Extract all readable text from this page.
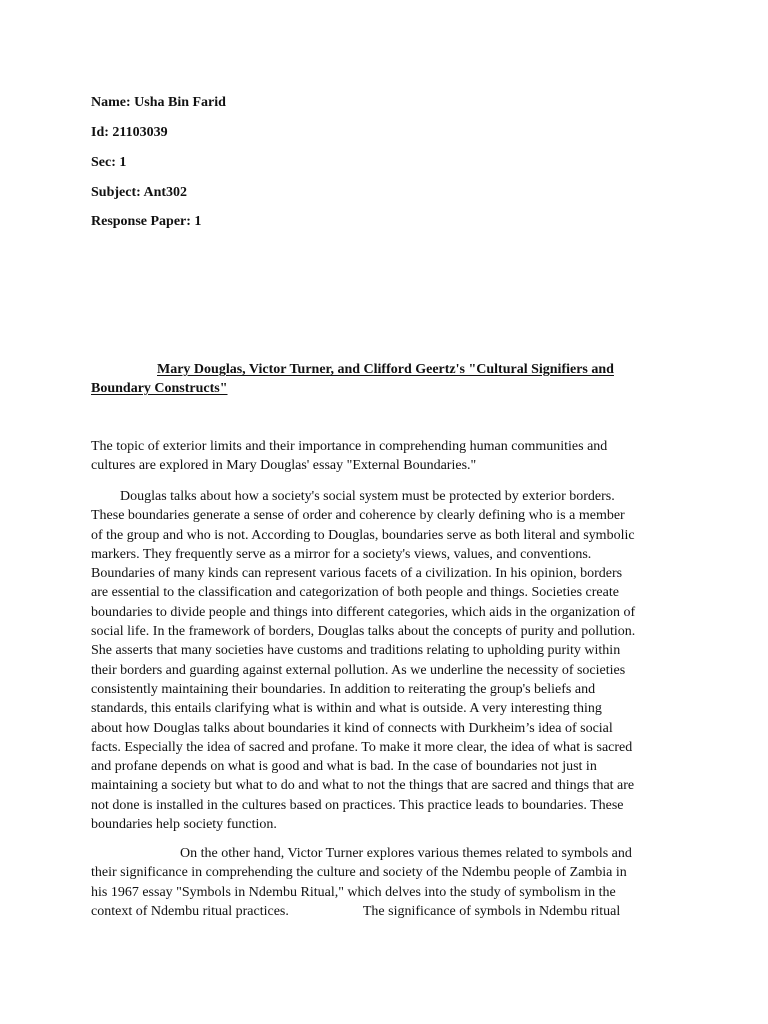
Name: Usha Bin Farid
Id: 21103039
Sec: 1
Subject: Ant302
Response Paper: 1
Mary Douglas, Victor Turner, and Clifford Geertz's "Cultural Signifiers and
Boundary Constructs"
The topic of exterior limits and their importance in comprehending human communities and
cultures are explored in Mary Douglas' essay "External Boundaries."
Douglas talks about how a society's social system must be protected by exterior borders.
These boundaries generate a sense of order and coherence by clearly defining who is a member
of the group and who is not. According to Douglas, boundaries serve as both literal and symbolic
markers. They frequently serve as a mirror for a society's views, values, and conventions.
Boundaries of many kinds can represent various facets of a civilization. In his opinion, borders
are essential to the classification and categorization of both people and things. Societies create
boundaries to divide people and things into different categories, which aids in the organization of
social life. In the framework of borders, Douglas talks about the concepts of purity and pollution.
She asserts that many societies have customs and traditions relating to upholding purity within
their borders and guarding against external pollution. As we underline the necessity of societies
consistently maintaining their boundaries. In addition to reiterating the group's beliefs and
standards, this entails clarifying what is within and what is outside. A very interesting thing
about how Douglas talks about boundaries it kind of connects with Durkheim’s idea of social
facts. Especially the idea of sacred and profane. To make it more clear, the idea of what is sacred
and profane depends on what is good and what is bad. In the case of boundaries not just in
maintaining a society but what to do and what to not the things that are sacred and things that are
not done is installed in the cultures based on practices. This practice leads to boundaries. These
boundaries help society function.
On the other hand, Victor Turner explores various themes related to symbols and
their significance in comprehending the culture and society of the Ndembu people of Zambia in
his 1967 essay "Symbols in Ndembu Ritual," which delves into the study of symbolism in the
context of Ndembu ritual practices.	The significance of symbols in Ndembu ritual
